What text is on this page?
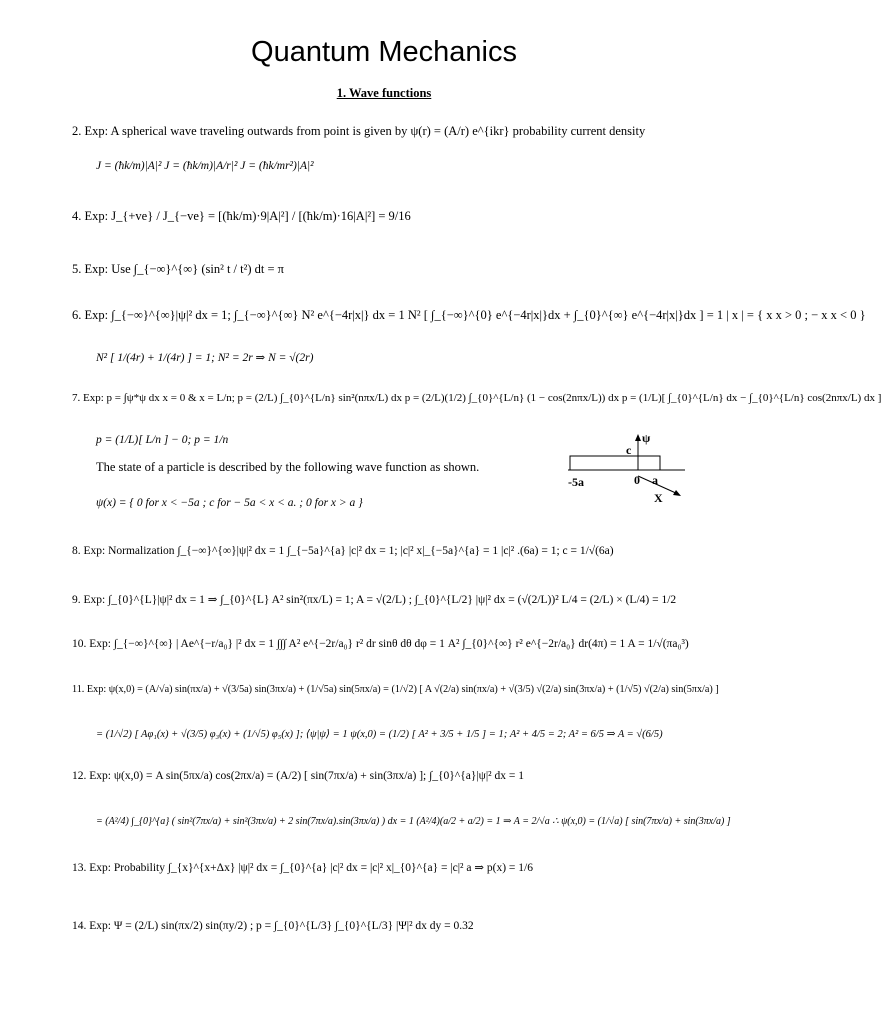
Quantum Mechanics
1. Wave functions
2. Exp: A spherical wave traveling outwards from point is given by ψ(r) = (A/r) e^{ikr} probability current density
J = (ħk/m)|A|² J = (ħk/m)|A/r|² J = (ħk/mr²)|A|²
4. Exp: J_{+ve} / J_{−ve} = [(ħk/m)·9|A|²] / [(ħk/m)·16|A|²] = 9/16
5. Exp: Use ∫_{−∞}^{∞} (sin² t / t²) dt = π
6. Exp: ∫_{−∞}^{∞}|ψ|² dx = 1; ∫_{−∞}^{∞} N² e^{−4r|x|} dx = 1 N² [ ∫_{−∞}^{0} e^{−4r|x|}dx + ∫_{0}^{∞} e^{−4r|x|}dx ] = 1 | x | = { x x > 0 ; − x x < 0 }
N² [ 1/(4r) + 1/(4r) ] = 1; N² = 2r ⇒ N = √(2r)
7. Exp: p = ∫ψ*ψ dx x = 0 & x = L/n; p = (2/L) ∫_{0}^{L/n} sin²(nπx/L) dx p = (2/L)(1/2) ∫_{0}^{L/n} (1 − cos(2nπx/L)) dx p = (1/L)[ ∫_{0}^{L/n} dx − ∫_{0}^{L/n} cos(2nπx/L) dx ]
p = (1/L)[ L/n ] − 0; p = 1/n
The state of a particle is described by the following wave function as shown.
ψ(x) = { 0 for x < −5a ; c for − 5a < x < a. ; 0 for x > a }
ψ
c
-5a	0 a
X
8. Exp: Normalization ∫_{−∞}^{∞}|ψ|² dx = 1 ∫_{−5a}^{a} |c|² dx = 1; |c|² x|_{−5a}^{a} = 1 |c|² .(6a) = 1; c = 1/√(6a)
9. Exp: ∫_{0}^{L}|ψ|² dx = 1 ⇒ ∫_{0}^{L} A² sin²(πx/L) = 1; A = √(2/L) ; ∫_{0}^{L/2} |ψ|² dx = (√(2/L))² L/4 = (2/L) × (L/4) = 1/2
10. Exp: ∫_{−∞}^{∞} | Ae^{−r/a₀} |² dx = 1 ∫∫∫ A² e^{−2r/a₀} r² dr sinθ dθ dφ = 1 A² ∫_{0}^{∞} r² e^{−2r/a₀} dr(4π) = 1 A = 1/√(πa₀³)
11. Exp: ψ(x,0) = (A/√a) sin(πx/a) + √(3/5a) sin(3πx/a) + (1/√5a) sin(5πx/a) = (1/√2) [ A √(2/a) sin(πx/a) + √(3/5) √(2/a) sin(3πx/a) + (1/√5) √(2/a) sin(5πx/a) ]
= (1/√2) [ Aφ₁(x) + √(3/5) φ₃(x) + (1/√5) φ₅(x) ]; ⟨ψ|ψ⟩ = 1 ψ(x,0) = (1/2) [ A² + 3/5 + 1/5 ] = 1; A² + 4/5 = 2; A² = 6/5 ⇒ A = √(6/5)
12. Exp: ψ(x,0) = A sin(5πx/a) cos(2πx/a) = (A/2) [ sin(7πx/a) + sin(3πx/a) ]; ∫_{0}^{a}|ψ|² dx = 1
= (A²/4) ∫_{0}^{a} ( sin²(7πx/a) + sin²(3πx/a) + 2 sin(7πx/a).sin(3πx/a) ) dx = 1 (A²/4)(a/2 + a/2) = 1 ⇒ A = 2/√a ∴ ψ(x,0) = (1/√a) [ sin(7πx/a) + sin(3πx/a) ]
13. Exp: Probability ∫_{x}^{x+Δx} |ψ|² dx = ∫_{0}^{a} |c|² dx = |c|² x|_{0}^{a} = |c|² a ⇒ p(x) = 1/6
14. Exp: Ψ = (2/L) sin(πx/2) sin(πy/2) ; p = ∫_{0}^{L/3} ∫_{0}^{L/3} |Ψ|² dx dy = 0.32
